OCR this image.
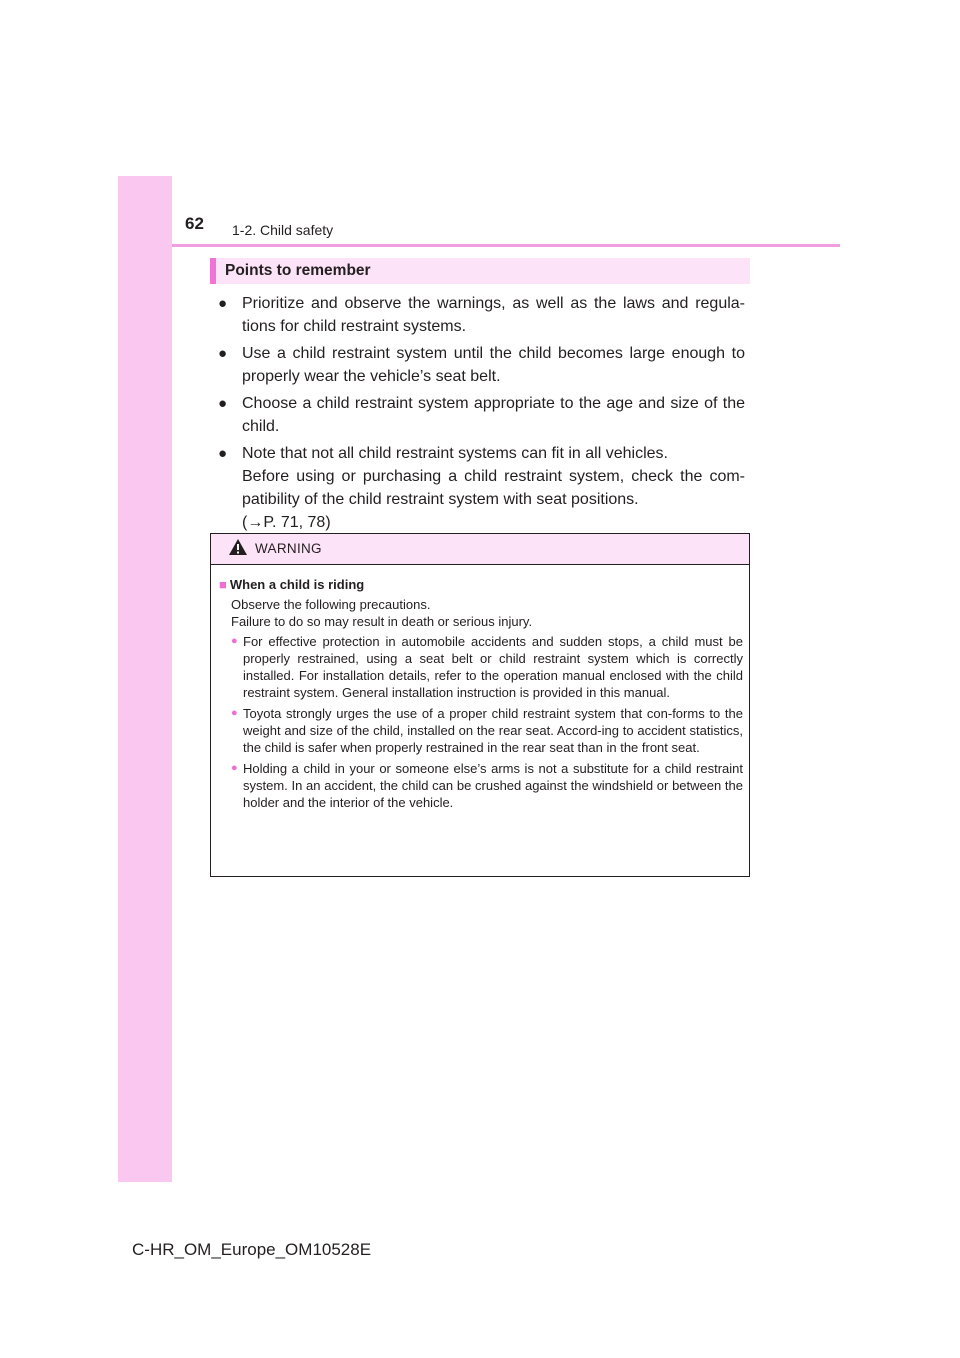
62 1-2. Child safety
Points to remember
● Prioritize and observe the warnings, as well as the laws and regula-tions for child restraint systems.

● Use a child restraint system until the child becomes large enough to properly wear the vehicle’s seat belt.

● Choose a child restraint system appropriate to the age and size of the child.

● Note that not all child restraint systems can fit in all vehicles.

Before using or purchasing a child restraint system, check the com-patibility of the child restraint system with seat positions.

(→P. 71, 78)

WARNING

■ When a child is riding

Observe the following precautions.
Failure to do so may result in death or serious injury.

● For effective protection in automobile accidents and sudden stops, a child must be properly restrained, using a seat belt or child restraint system which is correctly installed. For installation details, refer to the operation manual enclosed with the child restraint system. General installation instruction is provided in this manual.
● Toyota strongly urges the use of a proper child restraint system that con-forms to the weight and size of the child, installed on the rear seat. Accord-ing to accident statistics, the child is safer when properly restrained in the rear seat than in the front seat.
● Holding a child in your or someone else’s arms is not a substitute for a child restraint system. In an accident, the child can be crushed against the windshield or between the holder and the interior of the vehicle.
C-HR_OM_Europe_OM10528E
